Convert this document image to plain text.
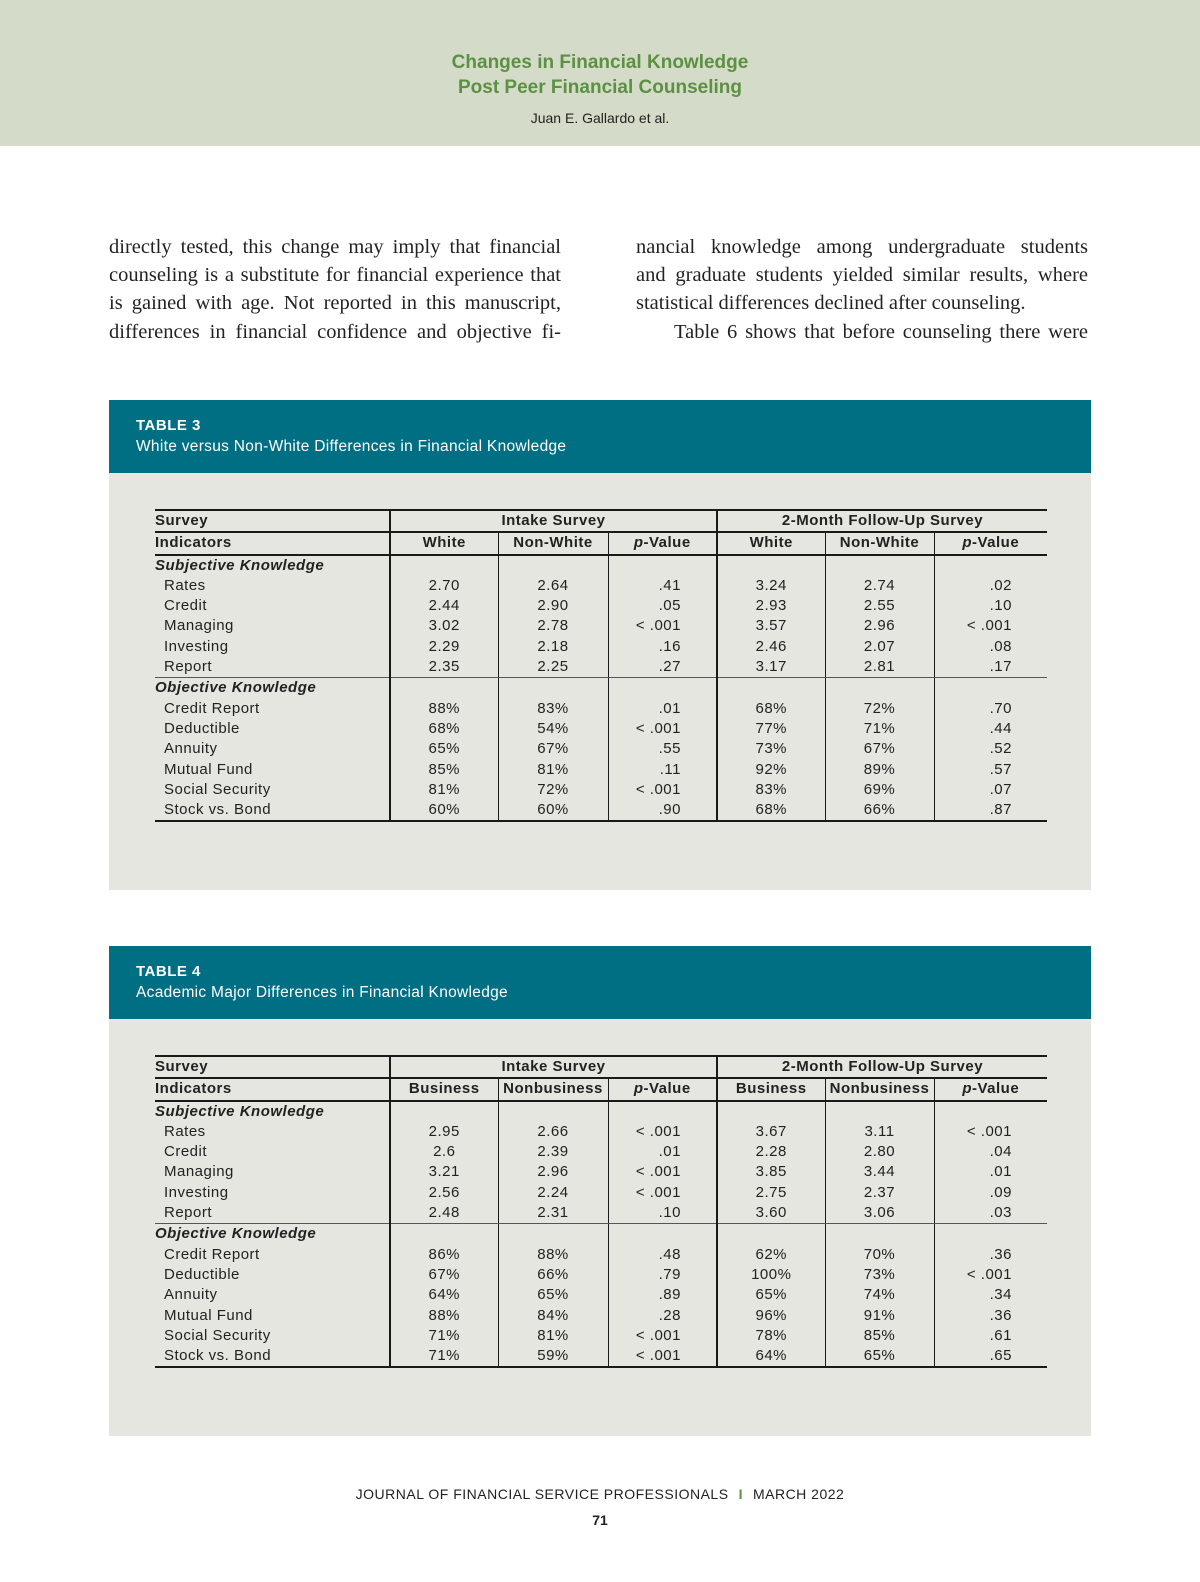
Changes in Financial Knowledge
Post Peer Financial Counseling
Juan E. Gallardo et al.
directly tested, this change may imply that financial
counseling is a substitute for financial experience that
is gained with age. Not reported in this manuscript,
differences in financial confidence and objective fi-
nancial knowledge among undergraduate students
and graduate students yielded similar results, where
statistical differences declined after counseling.
Table 6 shows that before counseling there were
TABLE 3
White versus Non-White Differences in Financial Knowledge
Survey	Intake Survey			2-Month Follow-Up Survey		
Indicators	White	Non-White	p-Value	White	Non-White	p-Value
Subjective Knowledge						
Rates	2.70	2.64	.41	3.24	2.74	.02
Credit	2.44	2.90	.05	2.93	2.55	.10
Managing	3.02	2.78	< .001	3.57	2.96	< .001
Investing	2.29	2.18	.16	2.46	2.07	.08
Report	2.35	2.25	.27	3.17	2.81	.17
Objective Knowledge						
Credit Report	88%	83%	.01	68%	72%	.70
Deductible	68%	54%	< .001	77%	71%	.44
Annuity	65%	67%	.55	73%	67%	.52
Mutual Fund	85%	81%	.11	92%	89%	.57
Social Security	81%	72%	< .001	83%	69%	.07
Stock vs. Bond	60%	60%	.90	68%	66%	.87
TABLE 4
Academic Major Differences in Financial Knowledge
Survey	Intake Survey			2-Month Follow-Up Survey		
Indicators	Business	Nonbusiness	p-Value	Business	Nonbusiness	p-Value
Subjective Knowledge						
Rates	2.95	2.66	< .001	3.67	3.11	< .001
Credit	2.6	2.39	.01	2.28	2.80	.04
Managing	3.21	2.96	< .001	3.85	3.44	.01
Investing	2.56	2.24	< .001	2.75	2.37	.09
Report	2.48	2.31	.10	3.60	3.06	.03
Objective Knowledge						
Credit Report	86%	88%	.48	62%	70%	.36
Deductible	67%	66%	.79	100%	73%	< .001
Annuity	64%	65%	.89	65%	74%	.34
Mutual Fund	88%	84%	.28	96%	91%	.36
Social Security	71%	81%	< .001	78%	85%	.61
Stock vs. Bond	71%	59%	< .001	64%	65%	.65
JOURNAL OF FINANCIAL SERVICE PROFESSIONALS I MARCH 2022
71
